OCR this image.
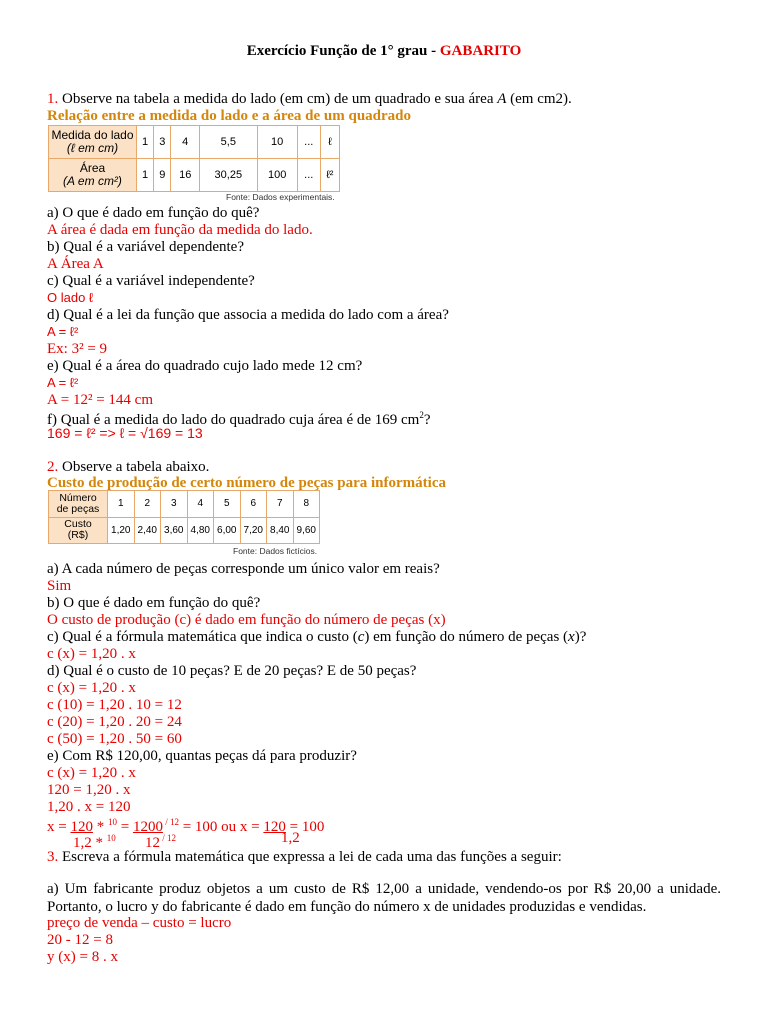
Exercício Função de 1° grau - GABARITO
1. Observe na tabela a medida do lado (em cm) de um quadrado e sua área A (em cm2).
Relação entre a medida do lado e a área de um quadrado
Medida do lado
(ℓ em cm)	1	3	4	5,5	10	...	ℓ
Área
(A em cm²)	1	9	16	30,25	100	...	ℓ²
Fonte: Dados experimentais.
a) O que é dado em função do quê?
A área é dada em função da medida do lado.
b) Qual é a variável dependente?
A Área A
c) Qual é a variável independente?
O lado ℓ
d) Qual é a lei da função que associa a medida do lado com a área?
A = ℓ²
Ex: 3² = 9
e) Qual é a área do quadrado cujo lado mede 12 cm?
A = ℓ²
A = 12² = 144 cm
f) Qual é a medida do lado do quadrado cuja área é de 169 $cm^2$?
169 = ℓ² => ℓ = √169 = 13
2. Observe a tabela abaixo.
Custo de produção de certo número de peças para informática
Número
de peças	1	2	3	4	5	6	7	8
Custo
(R$)	1,20	2,40	3,60	4,80	6,00	7,20	8,40	9,60
Fonte: Dados fictícios.
a) A cada número de peças corresponde um único valor em reais?
Sim
b) O que é dado em função do quê?
O custo de produção (c) é dado em função do número de peças (x)
c) Qual é a fórmula matemática que indica o custo (c) em função do número de peças (x)?
c (x) = 1,20 . x
d) Qual é o custo de 10 peças? E de 20 peças? E de 50 peças?
c (x) = 1,20 . x
c (10) = 1,20 . 10 = 12
c (20) = 1,20 . 20 = 24
c (50) = 1,20 . 50 = 60
e) Com R$ 120,00, quantas peças dá para produzir?
c (x) = 1,20 . x
120 = 1,20 . x
1,20 . x = 120
x = 120 * $^{10}$ = 1200 $^{/ 12}$ = 100 ou x = 120 = 100
1,2 * $^{10}$ 12 $^{/ 12}$	1,2
3. Escreva a fórmula matemática que expressa a lei de cada uma das funções a seguir:
a) Um fabricante produz objetos a um custo de R$ 12,00 a unidade, vendendo-os por R$ 20,00 a unidade. Portanto, o lucro y do fabricante é dado em função do número x de unidades produzidas e vendidas.
preço de venda – custo = lucro
20 - 12 = 8
y (x) = 8 . x
